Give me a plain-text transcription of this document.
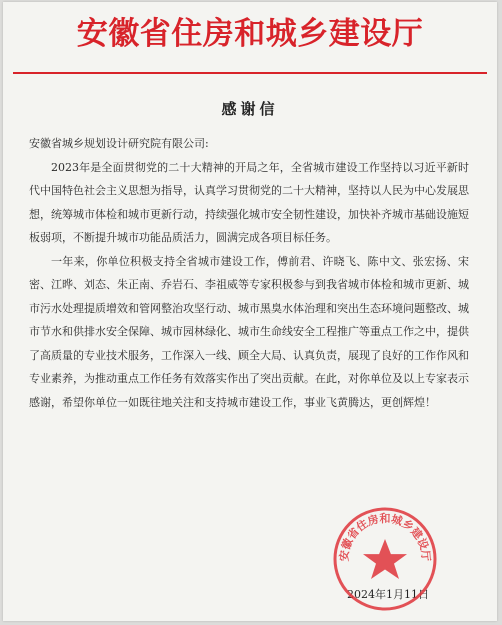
安徽省住房和城乡建设厅
感谢信

安徽省城乡规划设计研究院有限公司:

2023年是全面贯彻党的二十大精神的开局之年，全省城市建设工作坚持以习近平新时代中国特色社会主义思想为指导，认真学习贯彻党的二十大精神，坚持以人民为中心发展思想，统筹城市体检和城市更新行动，持续强化城市安全韧性建设，加快补齐城市基础设施短板弱项，不断提升城市功能品质活力，圆满完成各项目标任务。

一年来，你单位积极支持全省城市建设工作，傅前君、许晓飞、陈中文、张宏扬、宋密、江晔、刘态、朱正南、乔岩石、李祖威等专家积极参与到我省城市体检和城市更新、城市污水处理提质增效和管网整治攻坚行动、城市黑臭水体治理和突出生态环境问题整改、城市节水和供排水安全保障、城市园林绿化、城市生命线安全工程推广等重点工作之中，提供了高质量的专业技术服务，工作深入一线、顾全大局、认真负责，展现了良好的工作作风和专业素养，为推动重点工作任务有效落实作出了突出贡献。在此，对你单位及以上专家表示感谢，希望你单位一如既往地关注和支持城市建设工作，事业飞黄腾达，更创辉煌！

2024年1月11日
安徽省住房和城乡建设厅
